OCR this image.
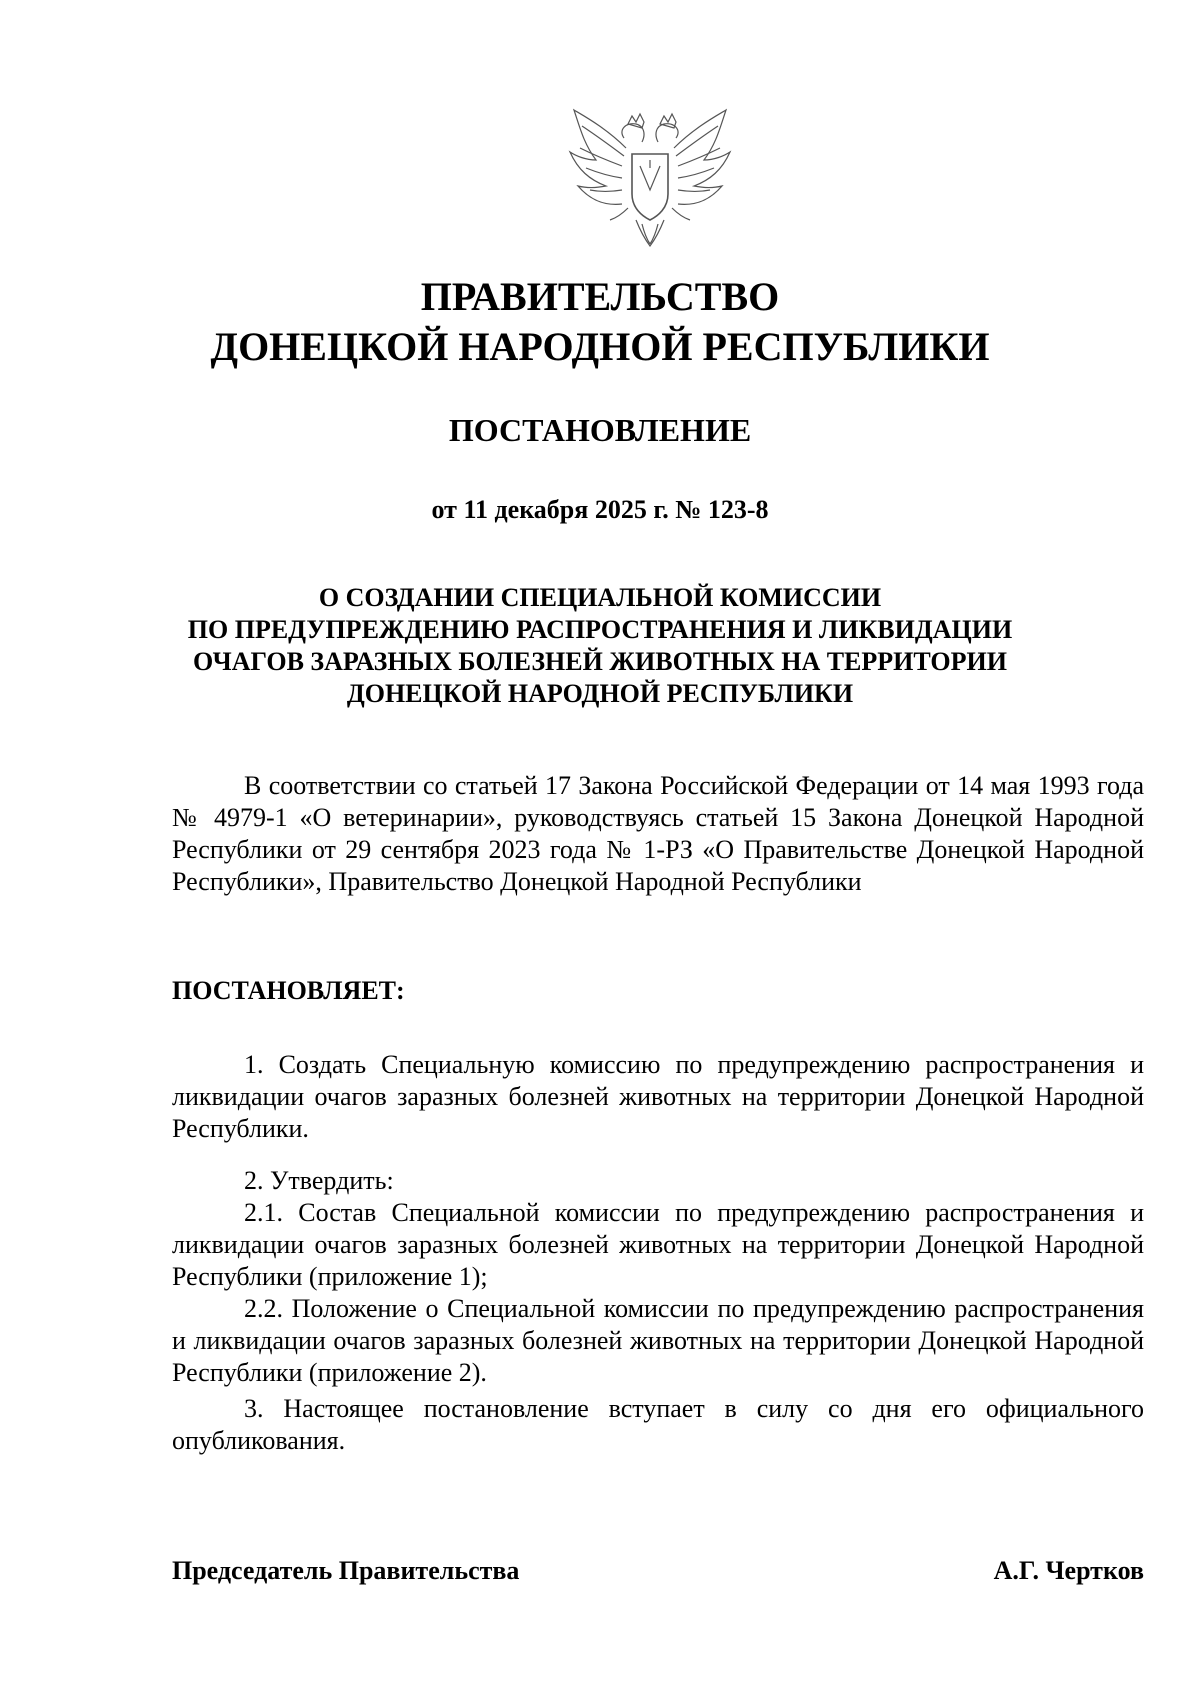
ПРАВИТЕЛЬСТВО
ДОНЕЦКОЙ НАРОДНОЙ РЕСПУБЛИКИ
ПОСТАНОВЛЕНИЕ
от 11 декабря 2025 г. № 123-8
О СОЗДАНИИ СПЕЦИАЛЬНОЙ КОМИССИИ
ПО ПРЕДУПРЕЖДЕНИЮ РАСПРОСТРАНЕНИЯ И ЛИКВИДАЦИИ
ОЧАГОВ ЗАРАЗНЫХ БОЛЕЗНЕЙ ЖИВОТНЫХ НА ТЕРРИТОРИИ
ДОНЕЦКОЙ НАРОДНОЙ РЕСПУБЛИКИ

В соответствии со статьей 17 Закона Российской Федерации от 14 мая 1993 года № 4979-1 «О ветеринарии», руководствуясь статьей 15 Закона Донецкой Народной Республики от 29 сентября 2023 года № 1-РЗ «О Правительстве Донецкой Народной Республики», Правительство Донецкой Народной Республики

ПОСТАНОВЛЯЕТ:

1. Создать Специальную комиссию по предупреждению распространения и ликвидации очагов заразных болезней животных на территории Донецкой Народной Республики.

2. Утвердить:

2.1. Состав Специальной комиссии по предупреждению распространения и ликвидации очагов заразных болезней животных на территории Донецкой Народной Республики (приложение 1);

2.2. Положение о Специальной комиссии по предупреждению распространения и ликвидации очагов заразных болезней животных на территории Донецкой Народной Республики (приложение 2).

3. Настоящее постановление вступает в силу со дня его официального опубликования.

Председатель Правительства	А.Г. Чертков
